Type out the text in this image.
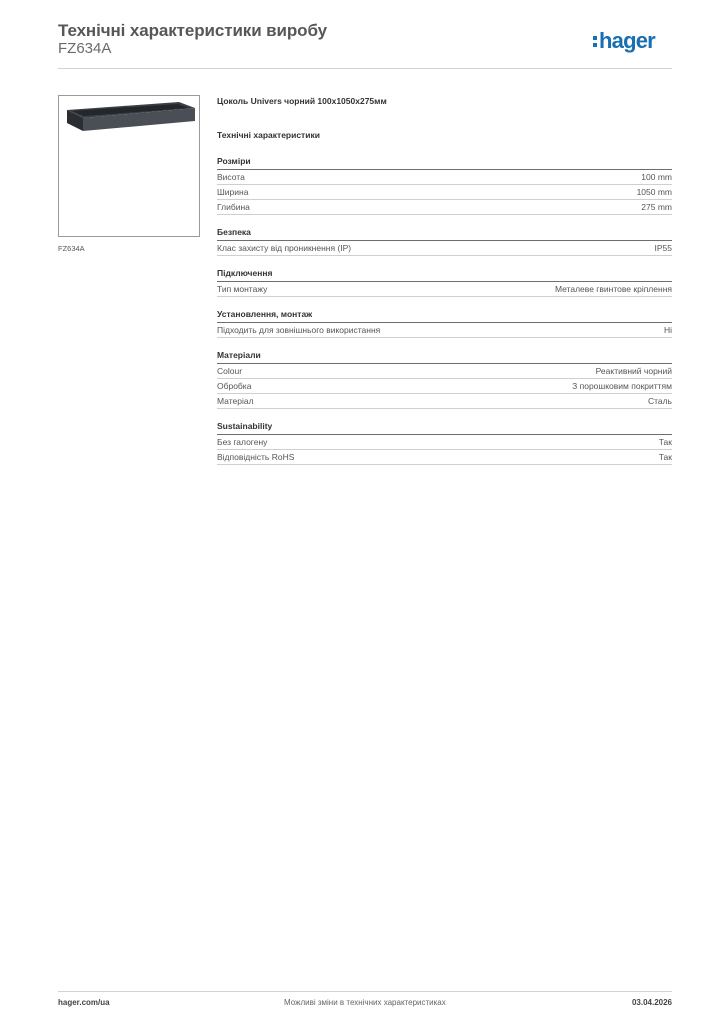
Технічні характеристики виробу
FZ634A	hager
FZ634A
Цоколь Univers чорний 100x1050x275мм
Технічні характеристики
Розміри
Висота	100 mm
Ширина	1050 mm
Глибина	275 mm
Безпека
Клас захисту від проникнення (IP)	IP55
Підключення
Тип монтажу	Металеве гвинтове кріплення
Установлення, монтаж
Підходить для зовнішнього використання	Ні
Матеріали
Colour	Реактивний чорний
Обробка	З порошковим покриттям
Матеріал	Сталь
Sustainability
Без галогену	Так
Відповідність RoHS	Так
hager.com/ua	Можливі зміни в технічних характеристиках	03.04.2026
